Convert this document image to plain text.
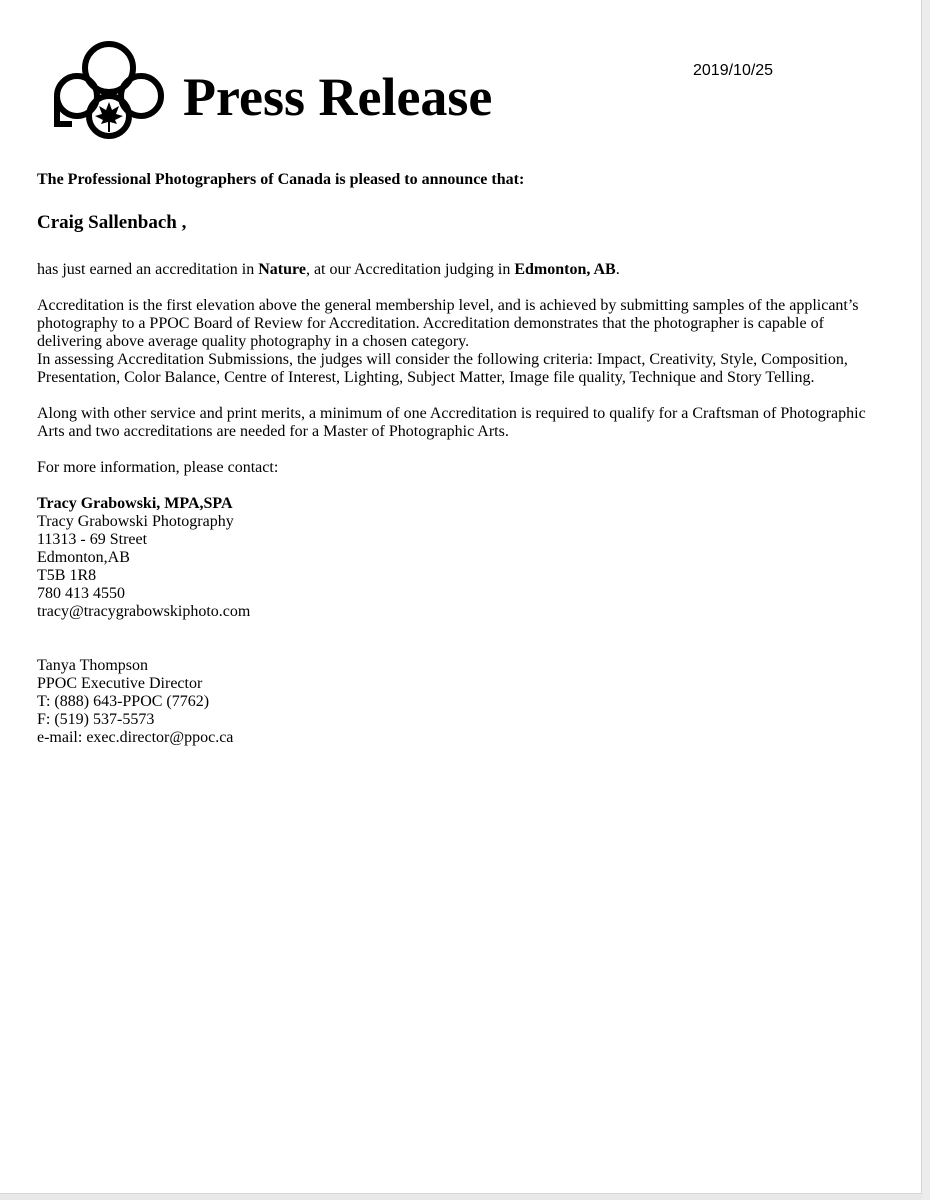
Press Release	2019/10/25

The Professional Photographers of Canada is pleased to announce that:

Craig Sallenbach ,

has just earned an accreditation in Nature, at our Accreditation judging in Edmonton, AB.

Accreditation is the first elevation above the general membership level, and is achieved by submitting samples of the applicant’s photography to a PPOC Board of Review for Accreditation. Accreditation demonstrates that the photographer is capable of delivering above average quality photography in a chosen category.

In assessing Accreditation Submissions, the judges will consider the following criteria: Impact, Creativity, Style, Composition, Presentation, Color Balance, Centre of Interest, Lighting, Subject Matter, Image file quality, Technique and Story Telling.

Along with other service and print merits, a minimum of one Accreditation is required to qualify for a Craftsman of Photographic Arts and two accreditations are needed for a Master of Photographic Arts.

For more information, please contact:

Tracy Grabowski, MPA,SPA
Tracy Grabowski Photography
11313 - 69 Street
Edmonton,AB
T5B 1R8
780 413 4550
tracy@tracygrabowskiphoto.com
Tanya Thompson
PPOC Executive Director
T: (888) 643-PPOC (7762)
F: (519) 537-5573
e-mail: exec.director@ppoc.ca
